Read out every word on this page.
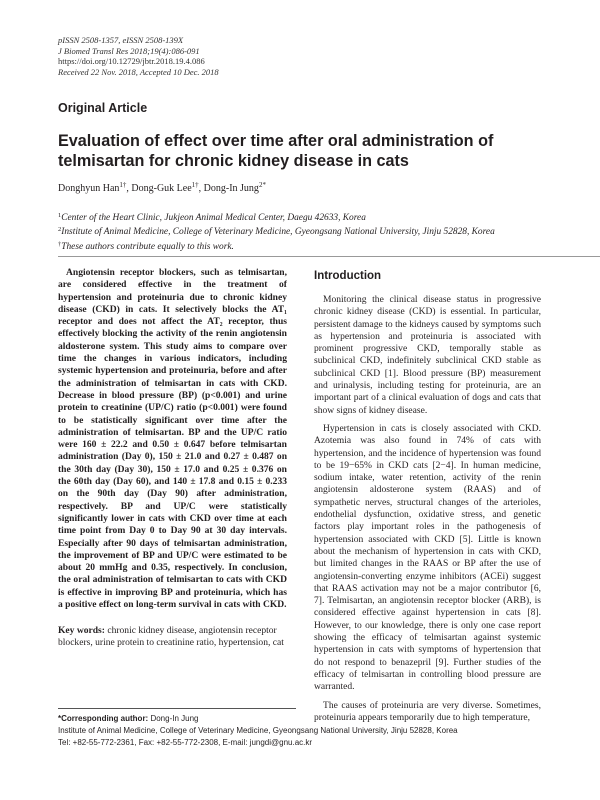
pISSN 2508-1357, eISSN 2508-139X
J Biomed Transl Res 2018;19(4):086-091
https://doi.org/10.12729/jbtr.2018.19.4.086
Received 22 Nov. 2018, Accepted 10 Dec. 2018
Original Article
Evaluation of effect over time after oral administration of telmisartan for chronic kidney disease in cats
Donghyun Han$^{1\dagger}$, Dong-Guk Lee$^{1\dagger}$, Dong-In Jung$^{2*}$
$^1$Center of the Heart Clinic, Jukjeon Animal Medical Center, Daegu 42633, Korea
$^2$Institute of Animal Medicine, College of Veterinary Medicine, Gyeongsang National University, Jinju 52828, Korea
†These authors contribute equally to this work.

Angiotensin receptor blockers, such as telmisartan, are considered effective in the treatment of hypertension and proteinuria due to chronic kidney disease (CKD) in cats. It selectively blocks the AT₁ receptor and does not affect the AT₂ receptor, thus effectively blocking the activity of the renin angiotensin aldosterone system. This study aims to compare over time the changes in various indicators, including systemic hypertension and proteinuria, before and after the administration of telmisartan in cats with CKD. Decrease in blood pressure (BP) (p<0.001) and urine protein to creatinine (UP/C) ratio (p<0.001) were found to be statistically significant over time after the administration of telmisartan. BP and the UP/C ratio were 160 ± 22.2 and 0.50 ± 0.647 before telmisartan administration (Day 0), 150 ± 21.0 and 0.27 ± 0.487 on the 30th day (Day 30), 150 ± 17.0 and 0.25 ± 0.376 on the 60th day (Day 60), and 140 ± 17.8 and 0.15 ± 0.233 on the 90th day (Day 90) after administration, respectively. BP and UP/C were statistically significantly lower in cats with CKD over time at each time point from Day 0 to Day 90 at 30 day intervals. Especially after 90 days of telmisartan administration, the improvement of BP and UP/C were estimated to be about 20 mmHg and 0.35, respectively. In conclusion, the oral administration of telmisartan to cats with CKD is effective in improving BP and proteinuria, which has a positive effect on long-term survival in cats with CKD.

Key words: chronic kidney disease, angiotensin receptor blockers, urine protein to creatinine ratio, hypertension, cat

Introduction

Monitoring the clinical disease status in progressive chronic kidney disease (CKD) is essential. In particular, persistent damage to the kidneys caused by symptoms such as hypertension and proteinuria is associated with prominent progressive CKD, temporally stable as subclinical CKD, indefinitely subclinical CKD stable as subclinical CKD [1]. Blood pressure (BP) measurement and urinalysis, including testing for proteinuria, are an important part of a clinical evaluation of dogs and cats that show signs of kidney disease.

Hypertension in cats is closely associated with CKD. Azotemia was also found in 74% of cats with hypertension, and the incidence of hypertension was found to be 19−65% in CKD cats [2−4]. In human medicine, sodium intake, water retention, activity of the renin angiotensin aldosterone system (RAAS) and of sympathetic nerves, structural changes of the arterioles, endothelial dysfunction, oxidative stress, and genetic factors play important roles in the pathogenesis of hypertension associated with CKD [5]. Little is known about the mechanism of hypertension in cats with CKD, but limited changes in the RAAS or BP after the use of angiotensin-converting enzyme inhibitors (ACEi) suggest that RAAS activation may not be a major contributor [6, 7]. Telmisartan, an angiotensin receptor blocker (ARB), is considered effective against hypertension in cats [8]. However, to our knowledge, there is only one case report showing the efficacy of telmisartan against systemic hypertension in cats with symptoms of hypertension that do not respond to benazepril [9]. Further studies of the efficacy of telmisartan in controlling blood pressure are warranted.

The causes of proteinuria are very diverse. Sometimes, proteinuria appears temporarily due to high temperature,

*Corresponding author: Dong-In Jung
Institute of Animal Medicine, College of Veterinary Medicine, Gyeongsang National University, Jinju 52828, Korea
Tel: +82-55-772-2361, Fax: +82-55-772-2308, E-mail: jungdi@gnu.ac.kr
